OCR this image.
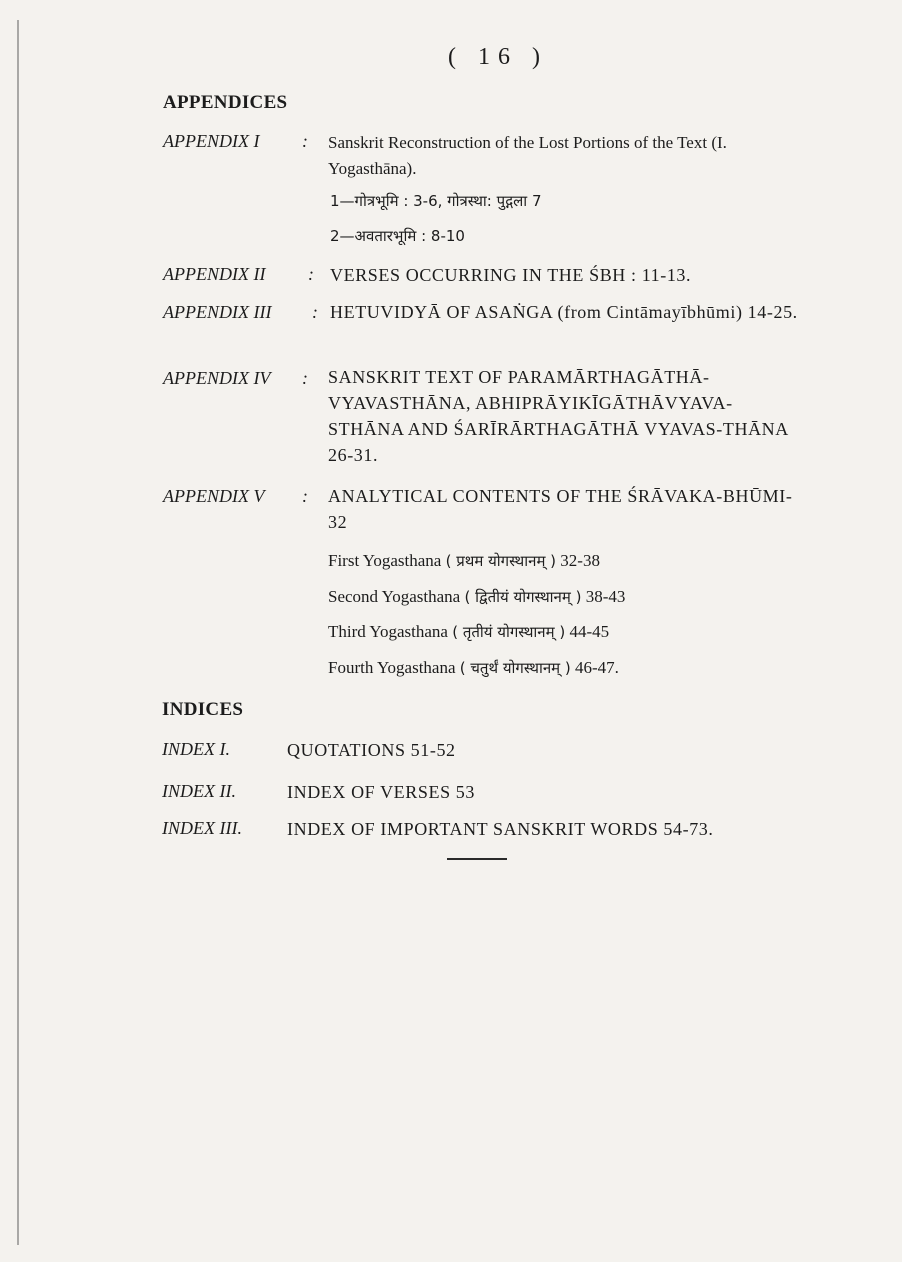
( 16 )
APPENDICES
APPENDIX I : Sanskrit Reconstruction of the Lost Portions of the Text (I. Yogasthāna).
1—गोत्रभूमि : 3-6, गोत्रस्था: पुद्गला 7
2—अवतारभूमि : 8-10
APPENDIX II : VERSES OCCURRING IN THE ŚBH : 11-13.
APPENDIX III : HETUVIDYĀ OF ASAṄGA (from Cintāmayībhūmi) 14-25.
APPENDIX IV : SANSKRIT TEXT OF PARAMĀRTHAGĀTHĀ-VYAVASTHĀNA, ABHIPRĀYIKĪGĀTHĀVYAVA-STHĀNA AND ŚARĪRĀRTHAGĀTHĀ VYAVAS-THĀNA 26-31.
APPENDIX V : ANALYTICAL CONTENTS OF THE ŚRĀVAKA-BHŪMI-32
First Yogasthana ( प्रथम योगस्थानम् ) 32-38
Second Yogasthana ( द्वितीयं योगस्थानम् ) 38-43
Third Yogasthana ( तृतीयं योगस्थानम् ) 44-45
Fourth Yogasthana ( चतुर्थं योगस्थानम् ) 46-47.
INDICES
INDEX I.	QUOTATIONS 51-52
INDEX II.	INDEX OF VERSES 53
INDEX III.	INDEX OF IMPORTANT SANSKRIT WORDS 54-73.
